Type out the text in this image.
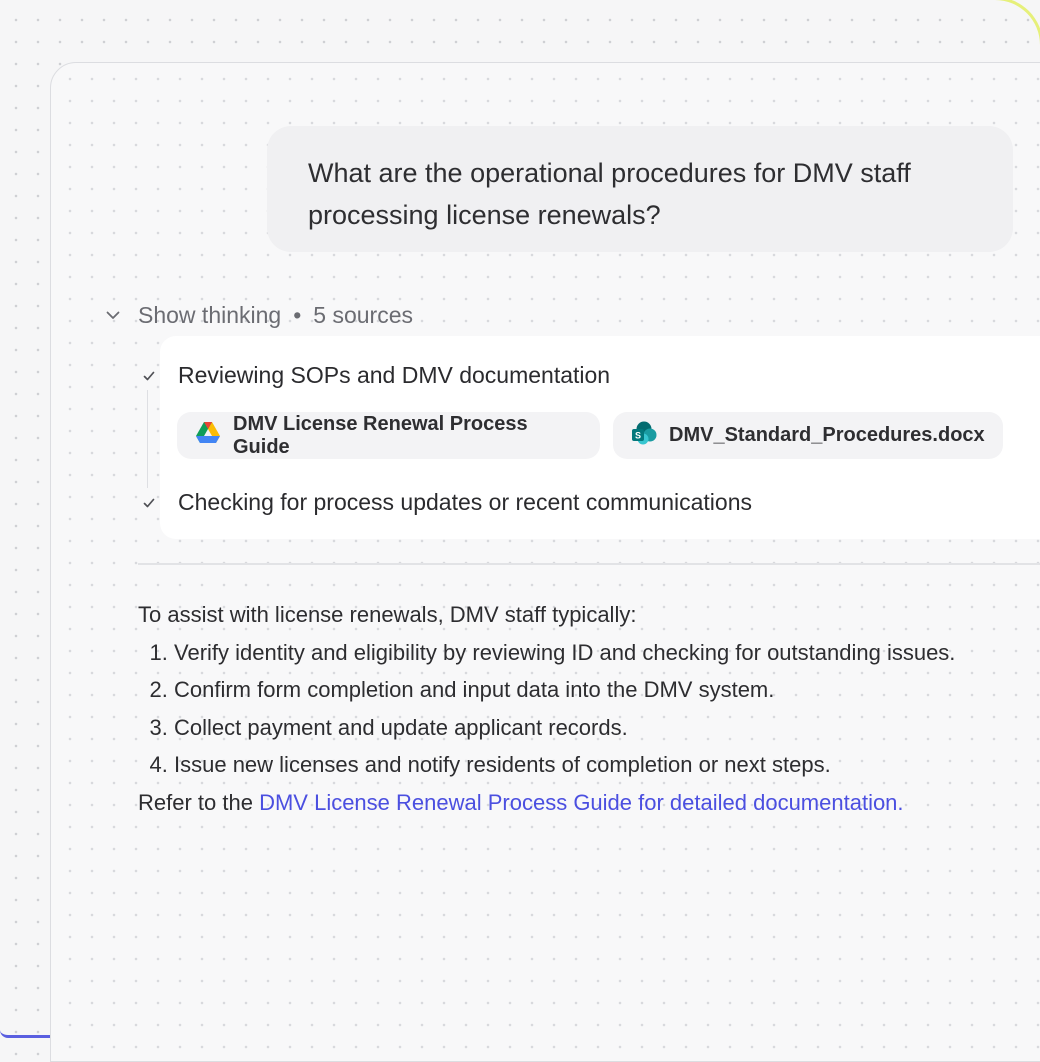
What are the operational procedures for DMV staff processing license renewals?
Show thinking • 5 sources
Reviewing SOPs and DMV documentation
DMV License Renewal Process Guide
S DMV_Standard_Procedures.docx
Checking for process updates or recent communications
To assist with license renewals, DMV staff typically:
1. Verify identity and eligibility by reviewing ID and checking for outstanding issues.
2. Confirm form completion and input data into the DMV system.
3. Collect payment and update applicant records.
4. Issue new licenses and notify residents of completion or next steps.
Refer to the DMV License Renewal Process Guide for detailed documentation.
